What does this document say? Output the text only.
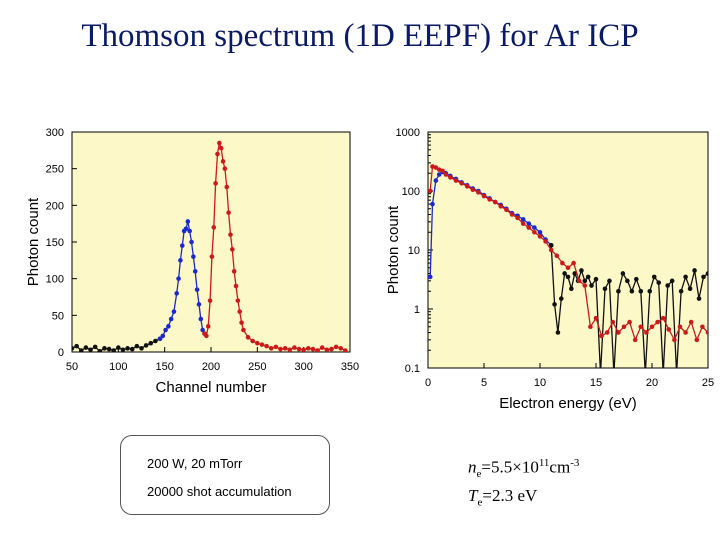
Thomson spectrum (1D EEPF) for Ar ICP
50	100	150	200	250	300	350
0
50
100
150
200
250
300
Channel number
Photon count
0	5	10	15	20	25
0.1
1
10
100
1000
Electron energy (eV)
Photon count
200 W, 20 mTorr
20000 shot accumulation
$n_e=5.5\times 10^{11}cm^{-3}$
$T_e=2.3$ eV
